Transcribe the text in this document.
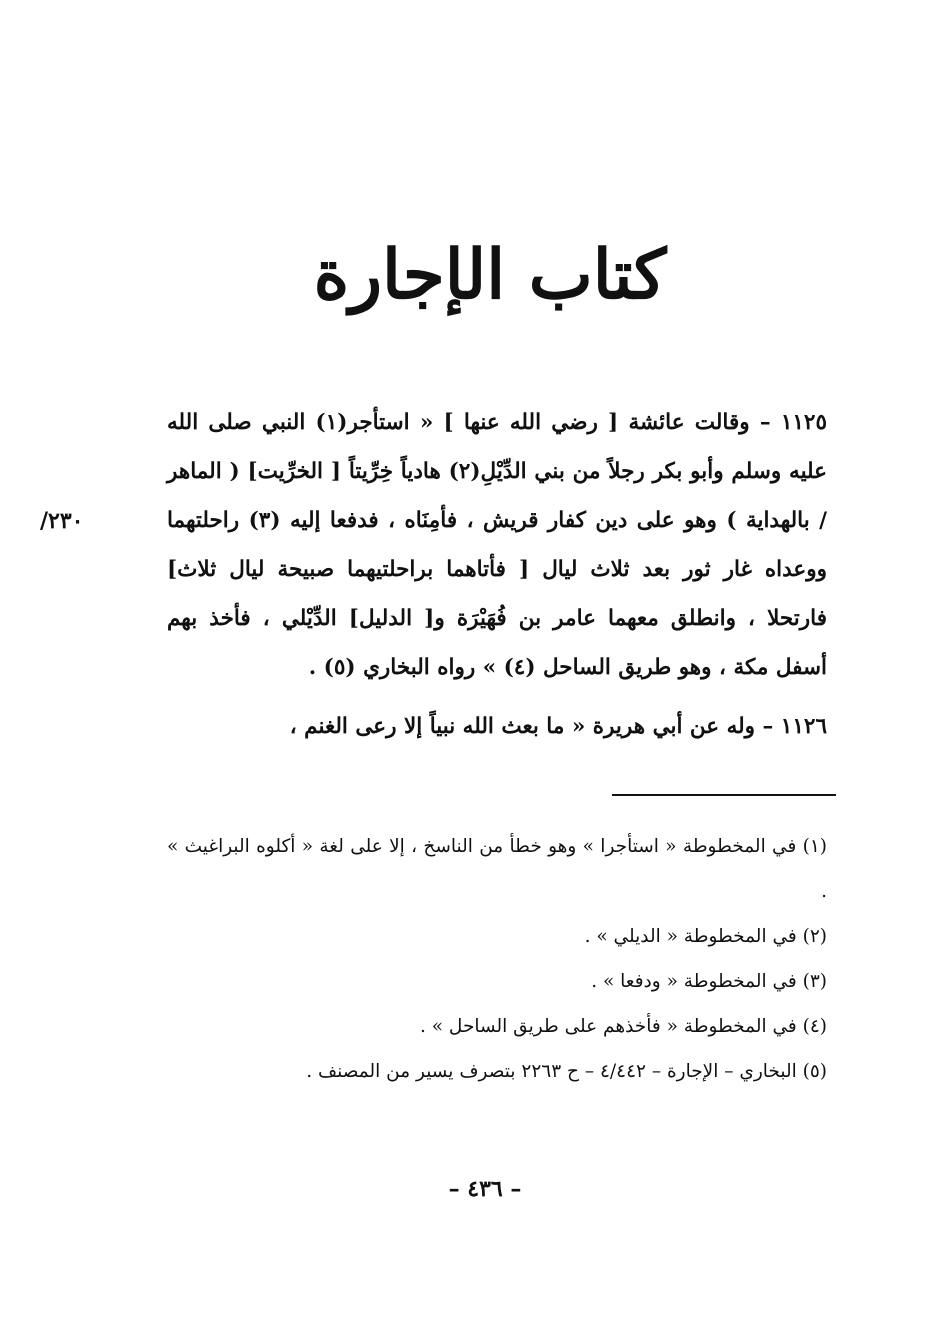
كتاب الإجارة

١١٢٥ – وقالت عائشة [ رضي الله عنها ] « استأجر(١) النبي صلى الله عليه وسلم وأبو بكر رجلاً من بني الدِّيْلِ(٢) هادياً خِرِّيتاً [ الخرِّيت] ( الماهر / بالهداية ) وهو على دين كفار قريش ، فأمِنَاه ، فدفعا إليه (٣) راحلتهما ووعداه غار ثور بعد ثلاث ليال [ فأتاهما براحلتيهما صبيحة ليال ثلاث] فارتحلا ، وانطلق معهما عامر بن فُهَيْرَة و[ الدليل] الدِّيْلي ، فأخذ بهم أسفل مكة ، وهو طريق الساحل (٤) » رواه البخاري (٥) .

١١٢٦ – وله عن أبي هريرة « ما بعث الله نبياً إلا رعى الغنم ،

/٢٣٠

(١) في المخطوطة « استأجرا » وهو خطأ من الناسخ ، إلا على لغة « أكلوه البراغيث » .

(٢) في المخطوطة « الديلي » .

(٣) في المخطوطة « ودفعا » .

(٤) في المخطوطة « فأخذهم على طريق الساحل » .

(٥) البخاري – الإجارة – ٤/٤٤٢ – ح ٢٢٦٣ بتصرف يسير من المصنف .

– ٤٣٦ –
